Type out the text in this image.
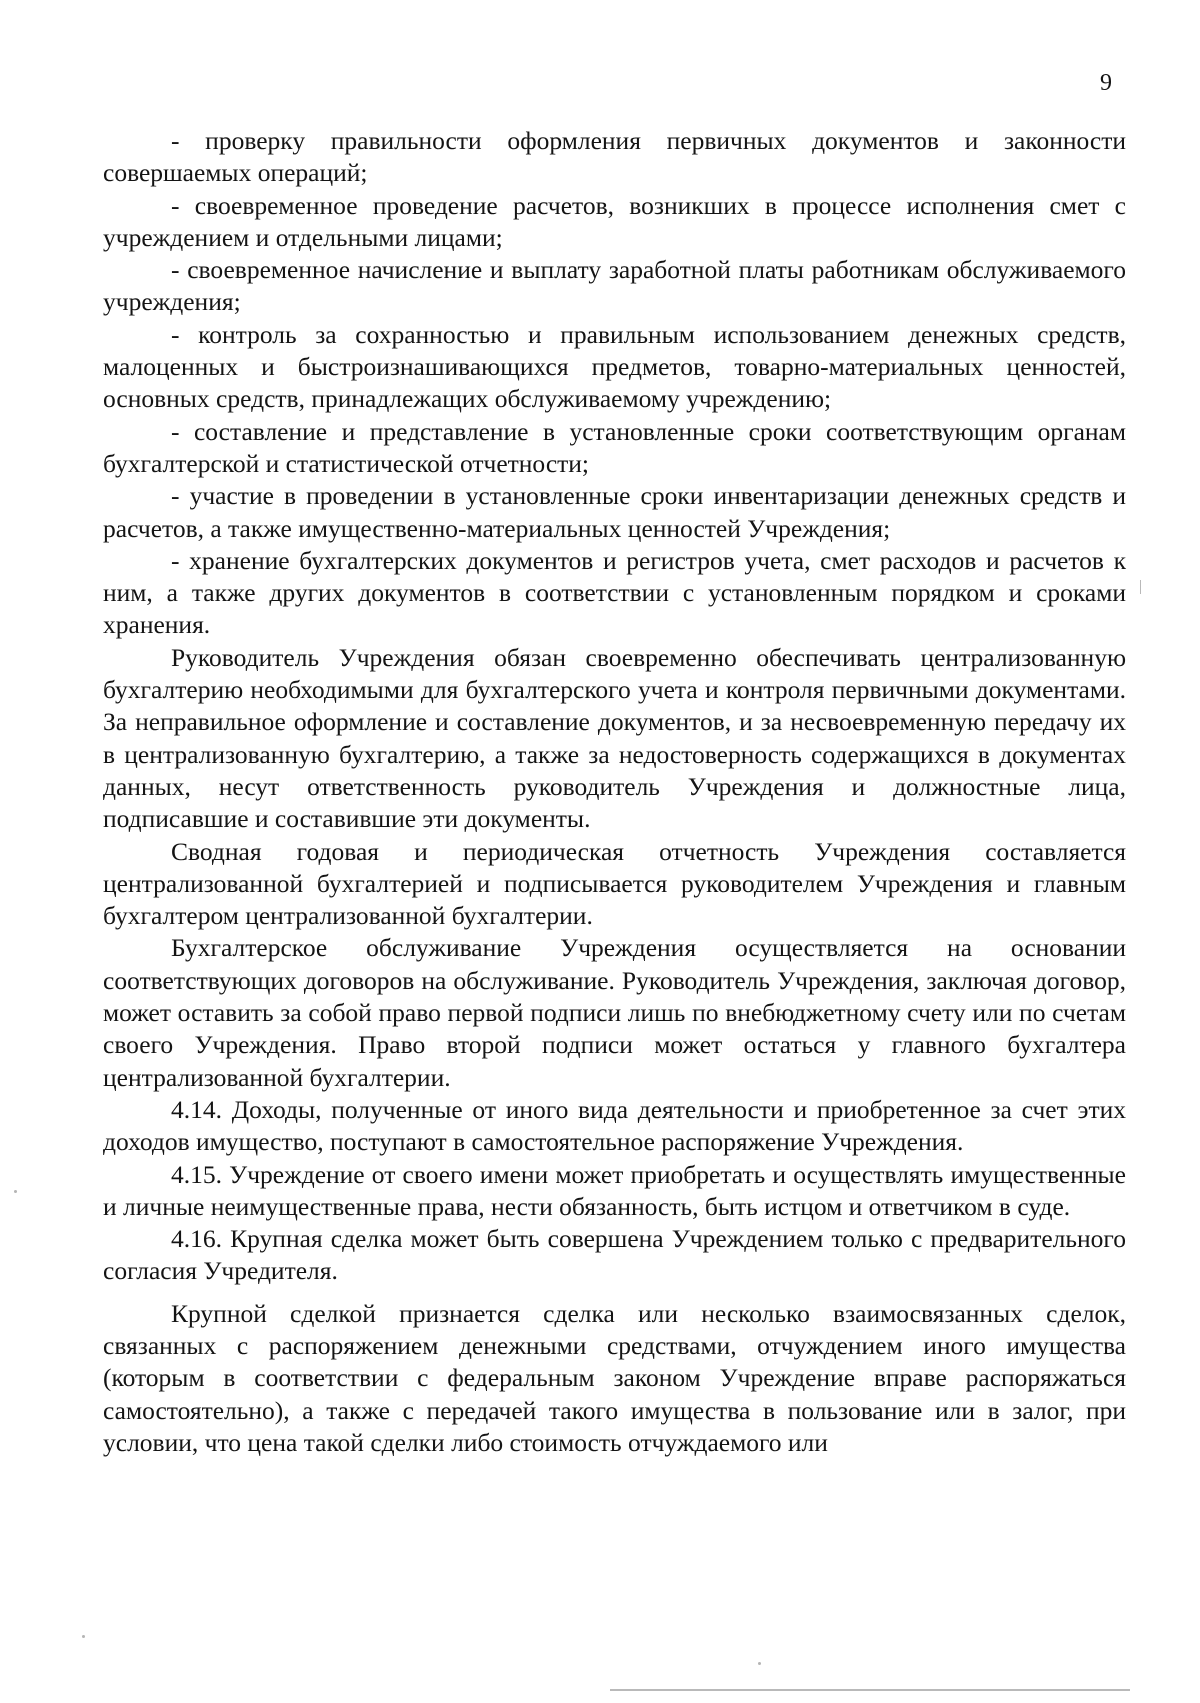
9

- проверку правильности оформления первичных документов и законности совершаемых операций;

- своевременное проведение расчетов, возникших в процессе исполнения смет с учреждением и отдельными лицами;

- своевременное начисление и выплату заработной платы работникам обслуживаемого учреждения;

- контроль за сохранностью и правильным использованием денежных средств, малоценных и быстроизнашивающихся предметов, товарно-материальных ценностей, основных средств, принадлежащих обслуживаемому учреждению;

- составление и представление в установленные сроки соответствующим органам бухгалтерской и статистической отчетности;

- участие в проведении в установленные сроки инвентаризации денежных средств и расчетов, а также имущественно-материальных ценностей Учреждения;

- хранение бухгалтерских документов и регистров учета, смет расходов и расчетов к ним, а также других документов в соответствии с установленным порядком и сроками хранения.

Руководитель Учреждения обязан своевременно обеспечивать централизованную бухгалтерию необходимыми для бухгалтерского учета и контроля первичными документами. За неправильное оформление и составление документов, и за несвоевременную передачу их в централизованную бухгалтерию, а также за недостоверность содержащихся в документах данных, несут ответственность руководитель Учреждения и должностные лица, подписавшие и составившие эти документы.

Сводная годовая и периодическая отчетность Учреждения составляется централизованной бухгалтерией и подписывается руководителем Учреждения и главным бухгалтером централизованной бухгалтерии.

Бухгалтерское обслуживание Учреждения осуществляется на основании соответствующих договоров на обслуживание. Руководитель Учреждения, заключая договор, может оставить за собой право первой подписи лишь по внебюджетному счету или по счетам своего Учреждения. Право второй подписи может остаться у главного бухгалтера централизованной бухгалтерии.

4.14. Доходы, полученные от иного вида деятельности и приобретенное за счет этих доходов имущество, поступают в самостоятельное распоряжение Учреждения.

4.15. Учреждение от своего имени может приобретать и осуществлять имущественные и личные неимущественные права, нести обязанность, быть истцом и ответчиком в суде.

4.16. Крупная сделка может быть совершена Учреждением только с предварительного согласия Учредителя.

Крупной сделкой признается сделка или несколько взаимосвязанных сделок, связанных с распоряжением денежными средствами, отчуждением иного имущества (которым в соответствии с федеральным законом Учреждение вправе распоряжаться самостоятельно), а также с передачей такого имущества в пользование или в залог, при условии, что цена такой сделки либо стоимость отчуждаемого или
